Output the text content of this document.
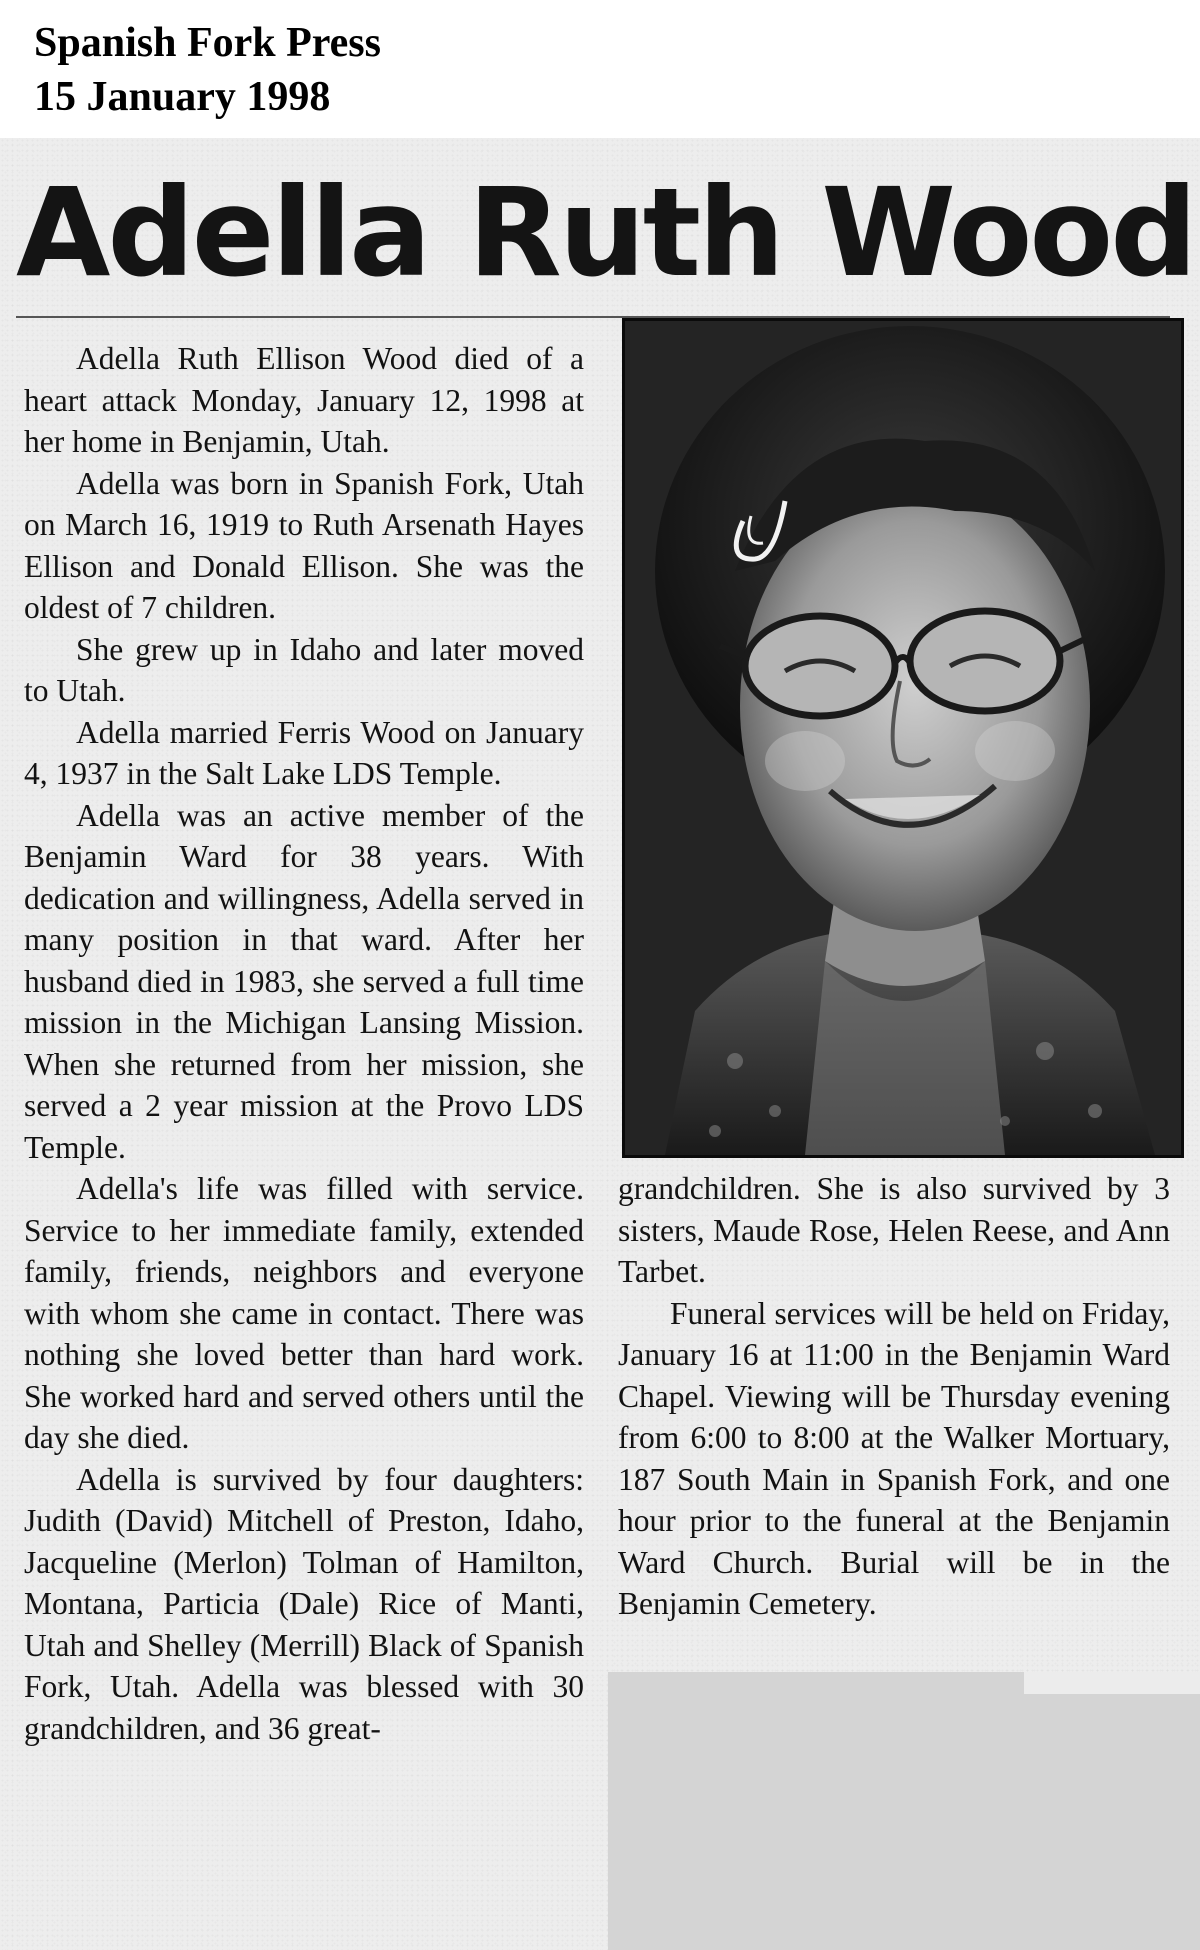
Spanish Fork Press
15 January 1998
Adella Ruth Wood

Adella Ruth Ellison Wood died of a heart attack Monday, January 12, 1998 at her home in Benjamin, Utah.

Adella was born in Spanish Fork, Utah on March 16, 1919 to Ruth Arsenath Hayes Ellison and Donald Ellison. She was the oldest of 7 children.

She grew up in Idaho and later moved to Utah.

Adella married Ferris Wood on January 4, 1937 in the Salt Lake LDS Temple.

Adella was an active member of the Benjamin Ward for 38 years. With dedication and willingness, Adella served in many position in that ward. After her husband died in 1983, she served a full time mission in the Michigan Lansing Mission. When she returned from her mission, she served a 2 year mission at the Provo LDS Temple.

Adella's life was filled with service. Service to her immediate family, extended family, friends, neighbors and everyone with whom she came in contact. There was nothing she loved better than hard work. She worked hard and served others until the day she died.

Adella is survived by four daughters: Judith (David) Mitchell of Preston, Idaho, Jacqueline (Merlon) Tolman of Hamilton, Montana, Particia (Dale) Rice of Manti, Utah and Shelley (Merrill) Black of Spanish Fork, Utah. Adella was blessed with 30 grandchildren, and 36 great-

grandchildren. She is also survived by 3 sisters, Maude Rose, Helen Reese, and Ann Tarbet.

Funeral services will be held on Friday, January 16 at 11:00 in the Benjamin Ward Chapel. Viewing will be Thursday evening from 6:00 to 8:00 at the Walker Mortuary, 187 South Main in Spanish Fork, and one hour prior to the funeral at the Benjamin Ward Church. Burial will be in the Benjamin Cemetery.
